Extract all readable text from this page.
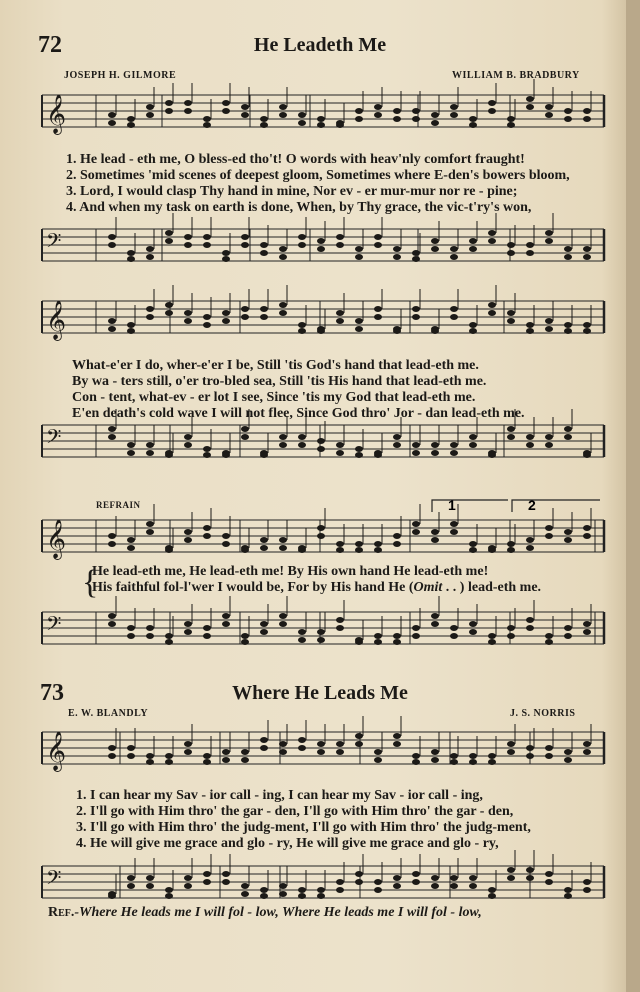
72	He Leadeth Me
JOSEPH H. GILMORE	WILLIAM B. BRADBURY
1. He lead - eth me, O bless-ed tho't! O words with heav'nly comfort fraught!
2. Sometimes 'mid scenes of deepest gloom, Sometimes where E-den's bowers bloom,
3. Lord, I would clasp Thy hand in mine, Nor ev - er mur-mur nor re - pine;
4. And when my task on earth is done, When, by Thy grace, the vic-t'ry's won,
What-e'er I do, wher-e'er I be, Still 'tis God's hand that lead-eth me.
By wa - ters still, o'er tro-bled sea, Still 'tis His hand that lead-eth me.
Con - tent, what-ev - er lot I see, Since 'tis my God that lead-eth me.
E'en death's cold wave I will not flee, Since God thro' Jor - dan lead-eth me.
REFRAIN
{
He lead-eth me, He lead-eth me! By His own hand He lead-eth me!
His faithful fol-l'wer I would be, For by His hand He (Omit . . ) lead-eth me.
73	Where He Leads Me
E. W. BLANDLY	J. S. NORRIS
1. I can hear my Sav - ior call - ing, I can hear my Sav - ior call - ing,
2. I'll go with Him thro' the gar - den, I'll go with Him thro' the gar - den,
3. I'll go with Him thro' the judg-ment, I'll go with Him thro' the judg-ment,
4. He will give me grace and glo - ry, He will give me grace and glo - ry,
Ref.-Where He leads me I will fol - low, Where He leads me I will fol - low,
𝄞
𝄢
𝄞
𝄢
𝄞
𝄢
𝄞
𝄢
1	2
